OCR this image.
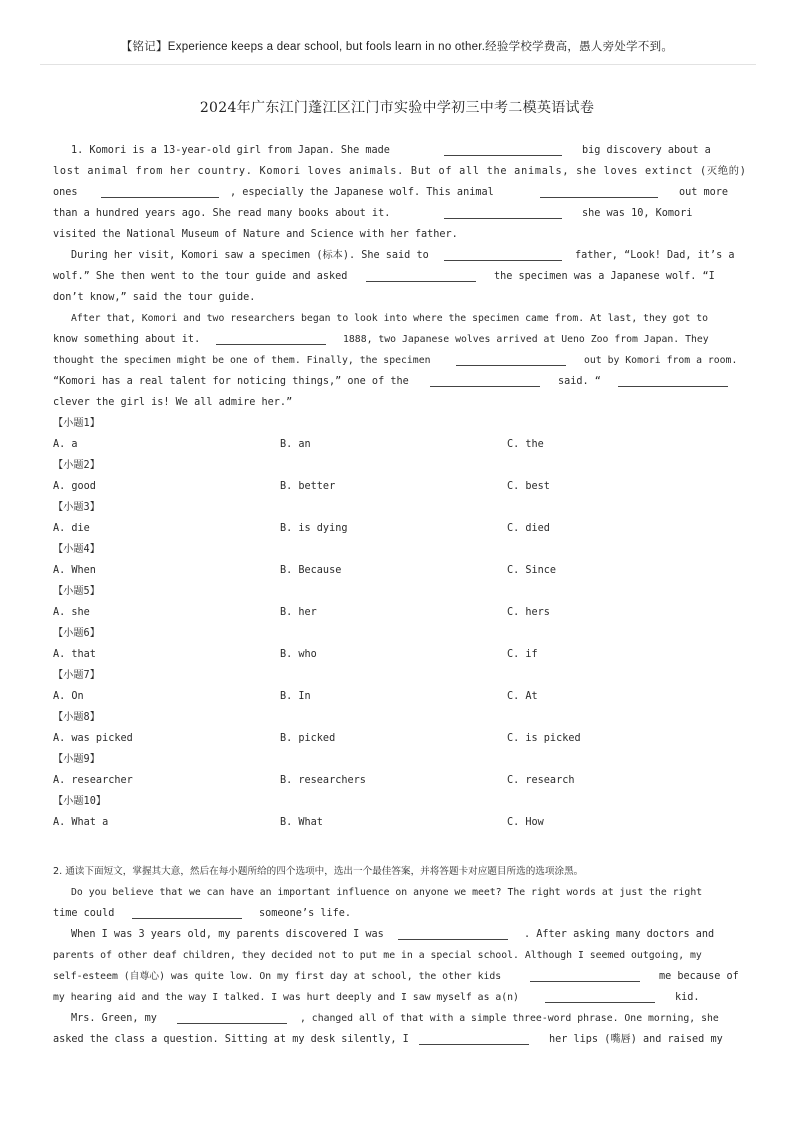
【铭记】Experience keeps a dear school, but fools learn in no other.经验学校学费高，愚人旁处学不到。
2024年广东江门蓬江区江门市实验中学初三中考二模英语试卷
1. Komori is a 13-year-old girl from Japan. She made	big discovery about a
lost animal from her country. Komori loves animals. But of all the animals, she loves extinct (灭绝的)
ones	, especially the Japanese wolf. This animal	out more
than a hundred years ago. She read many books about it.	she was 10, Komori
visited the National Museum of Nature and Science with her father.
During her visit, Komori saw a specimen (标本). She said to	father, “Look! Dad, it’s a
wolf.” She then went to the tour guide and asked	the specimen was a Japanese wolf. “I
don’t know,” said the tour guide.
After that, Komori and two researchers began to look into where the specimen came from. At last, they got to
know something about it.	1888, two Japanese wolves arrived at Ueno Zoo from Japan. They
thought the specimen might be one of them. Finally, the specimen	out by Komori from a room.
“Komori has a real talent for noticing things,” one of the	said. “
clever the girl is! We all admire her.”
【小题1】
A. a	B. an	C. the
【小题2】
A. good	B. better	C. best
【小题3】
A. die	B. is dying	C. died
【小题4】
A. When	B. Because	C. Since
【小题5】
A. she	B. her	C. hers
【小题6】
A. that	B. who	C. if
【小题7】
A. On	B. In	C. At
【小题8】
A. was picked	B. picked	C. is picked
【小题9】
A. researcher	B. researchers	C. research
【小题10】
A. What a	B. What	C. How
2. 通读下面短文，掌握其大意，然后在每小题所给的四个选项中，选出一个最佳答案，并将答题卡对应题目所选的选项涂黑。
Do you believe that we can have an important influence on anyone we meet? The right words at just the right
time could	someone’s life.
When I was 3 years old, my parents discovered I was	. After asking many doctors and
parents of other deaf children, they decided not to put me in a special school. Although I seemed outgoing, my
self-esteem (自尊心) was quite low. On my first day at school, the other kids	me because of
my hearing aid and the way I talked. I was hurt deeply and I saw myself as a(n)	kid.
Mrs. Green, my	, changed all of that with a simple three-word phrase. One morning, she
asked the class a question. Sitting at my desk silently, I	her lips (嘴唇) and raised my
